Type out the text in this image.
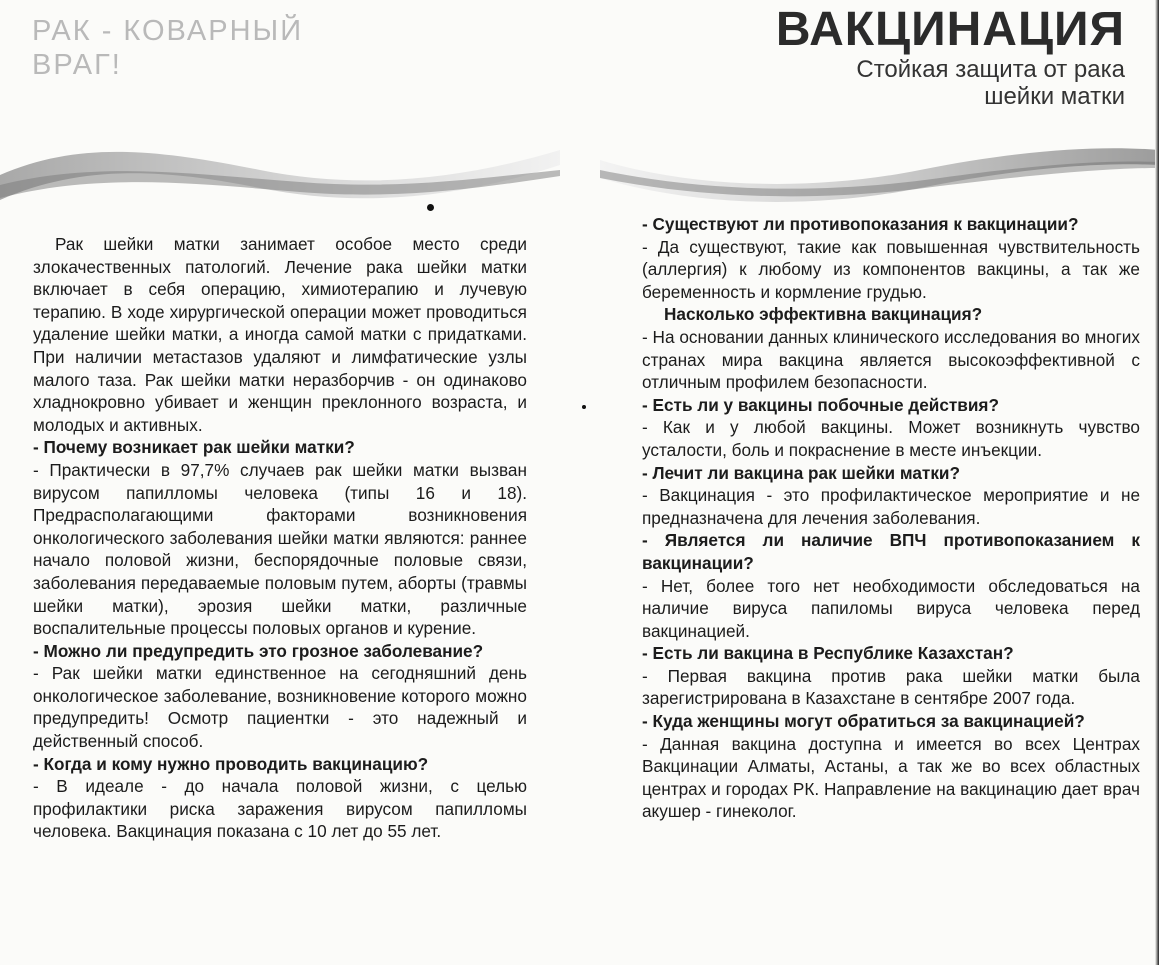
РАК - КОВАРНЫЙ
ВРАГ!

Рак шейки матки занимает особое место среди злокачественных патологий. Лечение рака шейки матки включает в себя операцию, химиотерапию и лучевую терапию. В ходе хирургической операции может проводиться удаление шейки матки, а иногда самой матки с придатками. При наличии метастазов удаляют и лимфатические узлы малого таза. Рак шейки матки неразборчив - он одинаково хладнокровно убивает и женщин преклонного возраста, и молодых и активных.

- Почему возникает рак шейки матки?

- Практически в 97,7% случаев рак шейки матки вызван вирусом папилломы человека (типы 16 и 18). Предрасполагающими факторами возникновения онкологического заболевания шейки матки являются: раннее начало половой жизни, беспорядочные половые связи, заболевания передаваемые половым путем, аборты (травмы шейки матки), эрозия шейки матки, различные воспалительные процессы половых органов и курение.

- Можно ли предупредить это грозное заболевание?

- Рак шейки матки единственное на сегодняшний день онкологическое заболевание, возникновение которого можно предупредить! Осмотр пациентки - это надежный и действенный способ.

- Когда и кому нужно проводить вакцинацию?

- В идеале - до начала половой жизни, с целью профилактики риска заражения вирусом папилломы человека. Вакцинация показана с 10 лет до 55 лет.

ВАКЦИНАЦИЯ
Стойкая защита от рака
шейки матки

- Существуют ли противопоказания к вакцинации?

- Да существуют, такие как повышенная чувствительность (аллергия) к любому из компонентов вакцины, а так же беременность и кормление грудью.

Насколько эффективна вакцинация?

- На основании данных клинического исследования во многих странах мира вакцина является высокоэффективной с отличным профилем безопасности.

- Есть ли у вакцины побочные действия?

- Как и у любой вакцины. Может возникнуть чувство усталости, боль и покраснение в месте инъекции.

- Лечит ли вакцина рак шейки матки?

- Вакцинация - это профилактическое мероприятие и не предназначена для лечения заболевания.

- Является ли наличие ВПЧ противопоказанием к вакцинации?

- Нет, более того нет необходимости обследоваться на наличие вируса папиломы вируса человека перед вакцинацией.

- Есть ли вакцина в Республике Казахстан?

- Первая вакцина против рака шейки матки была зарегистрирована в Казахстане в сентябре 2007 года.

- Куда женщины могут обратиться за вакцинацией?

- Данная вакцина доступна и имеется во всех Центрах Вакцинации Алматы, Астаны, а так же во всех областных центрах и городах РК. Направление на вакцинацию дает врач акушер - гинеколог.
